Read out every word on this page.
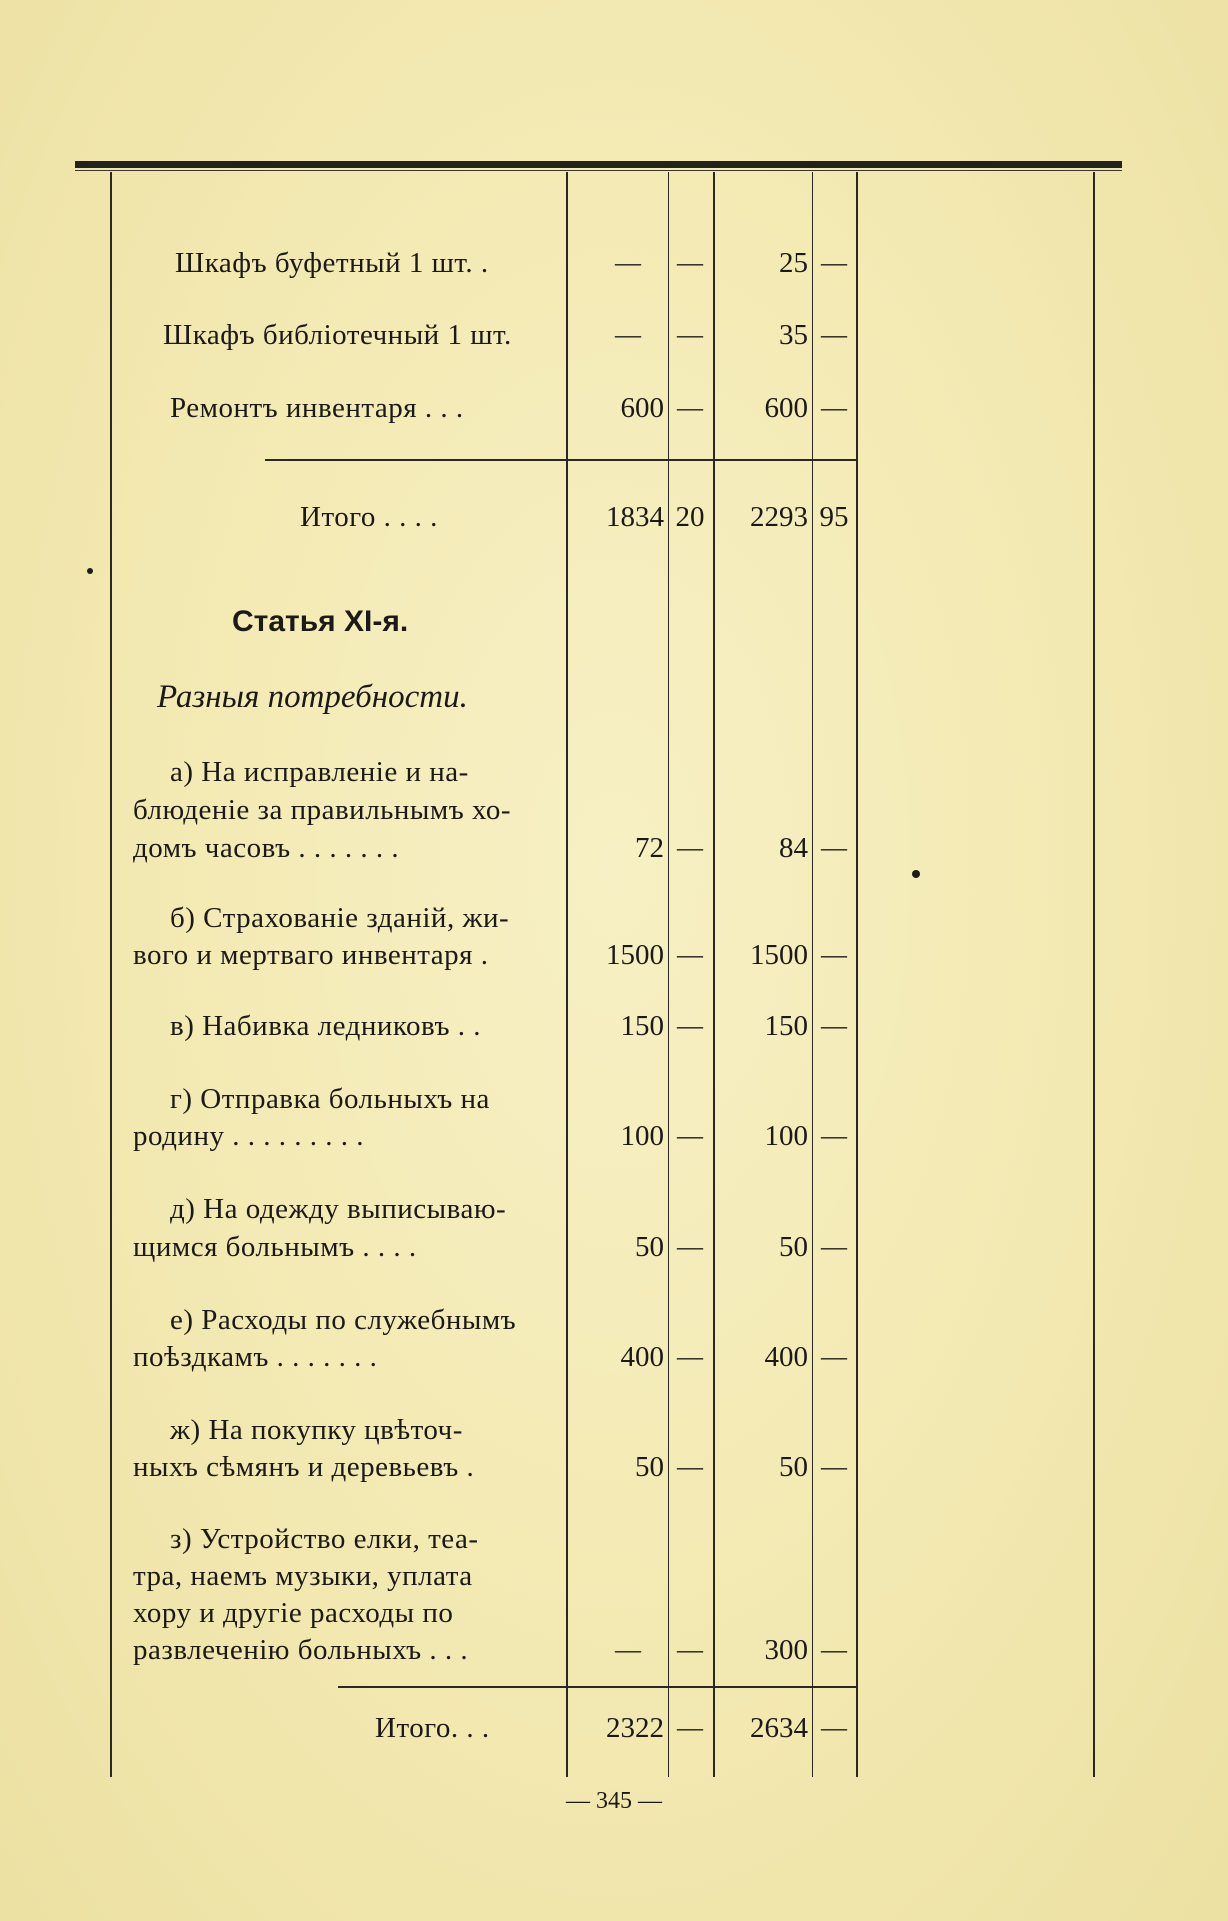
Шкафъ буфетный 1 шт. .	—	—	25 —
Шкафъ библiотечный 1 шт.	—	—	35 —
Ремонтъ инвентаря . . .	600 —	600 —
Итого . . . .	1834 20	2293 95
Статья XI-я.
Разныя потребности.
а) На исправленiе и на-
блюденiе за правильнымъ хо-
домъ часовъ . . . . . . .	72 —	84 —
б) Страхованiе зданiй, жи-
вого и мертваго инвентаря .	1500 —	1500 —
в) Набивка ледниковъ . .	150 —	150 —
г) Отправка больныхъ на
родину . . . . . . . . .	100 —	100 —
д) На одежду выписываю-
щимся больнымъ . . . .	50 —	50 —
е) Расходы по служебнымъ
поѣздкамъ . . . . . . .	400 —	400 —
ж) На покупку цвѣточ-
ныхъ сѣмянъ и деревьевъ .	50 —	50 —
з) Устройство елки, теа-
тра, наемъ музыки, уплата
хору и другiе расходы по
развлеченiю больныхъ . . .	—	—	300 —
Итого. . .	2322 —	2634 —
— 345 —
